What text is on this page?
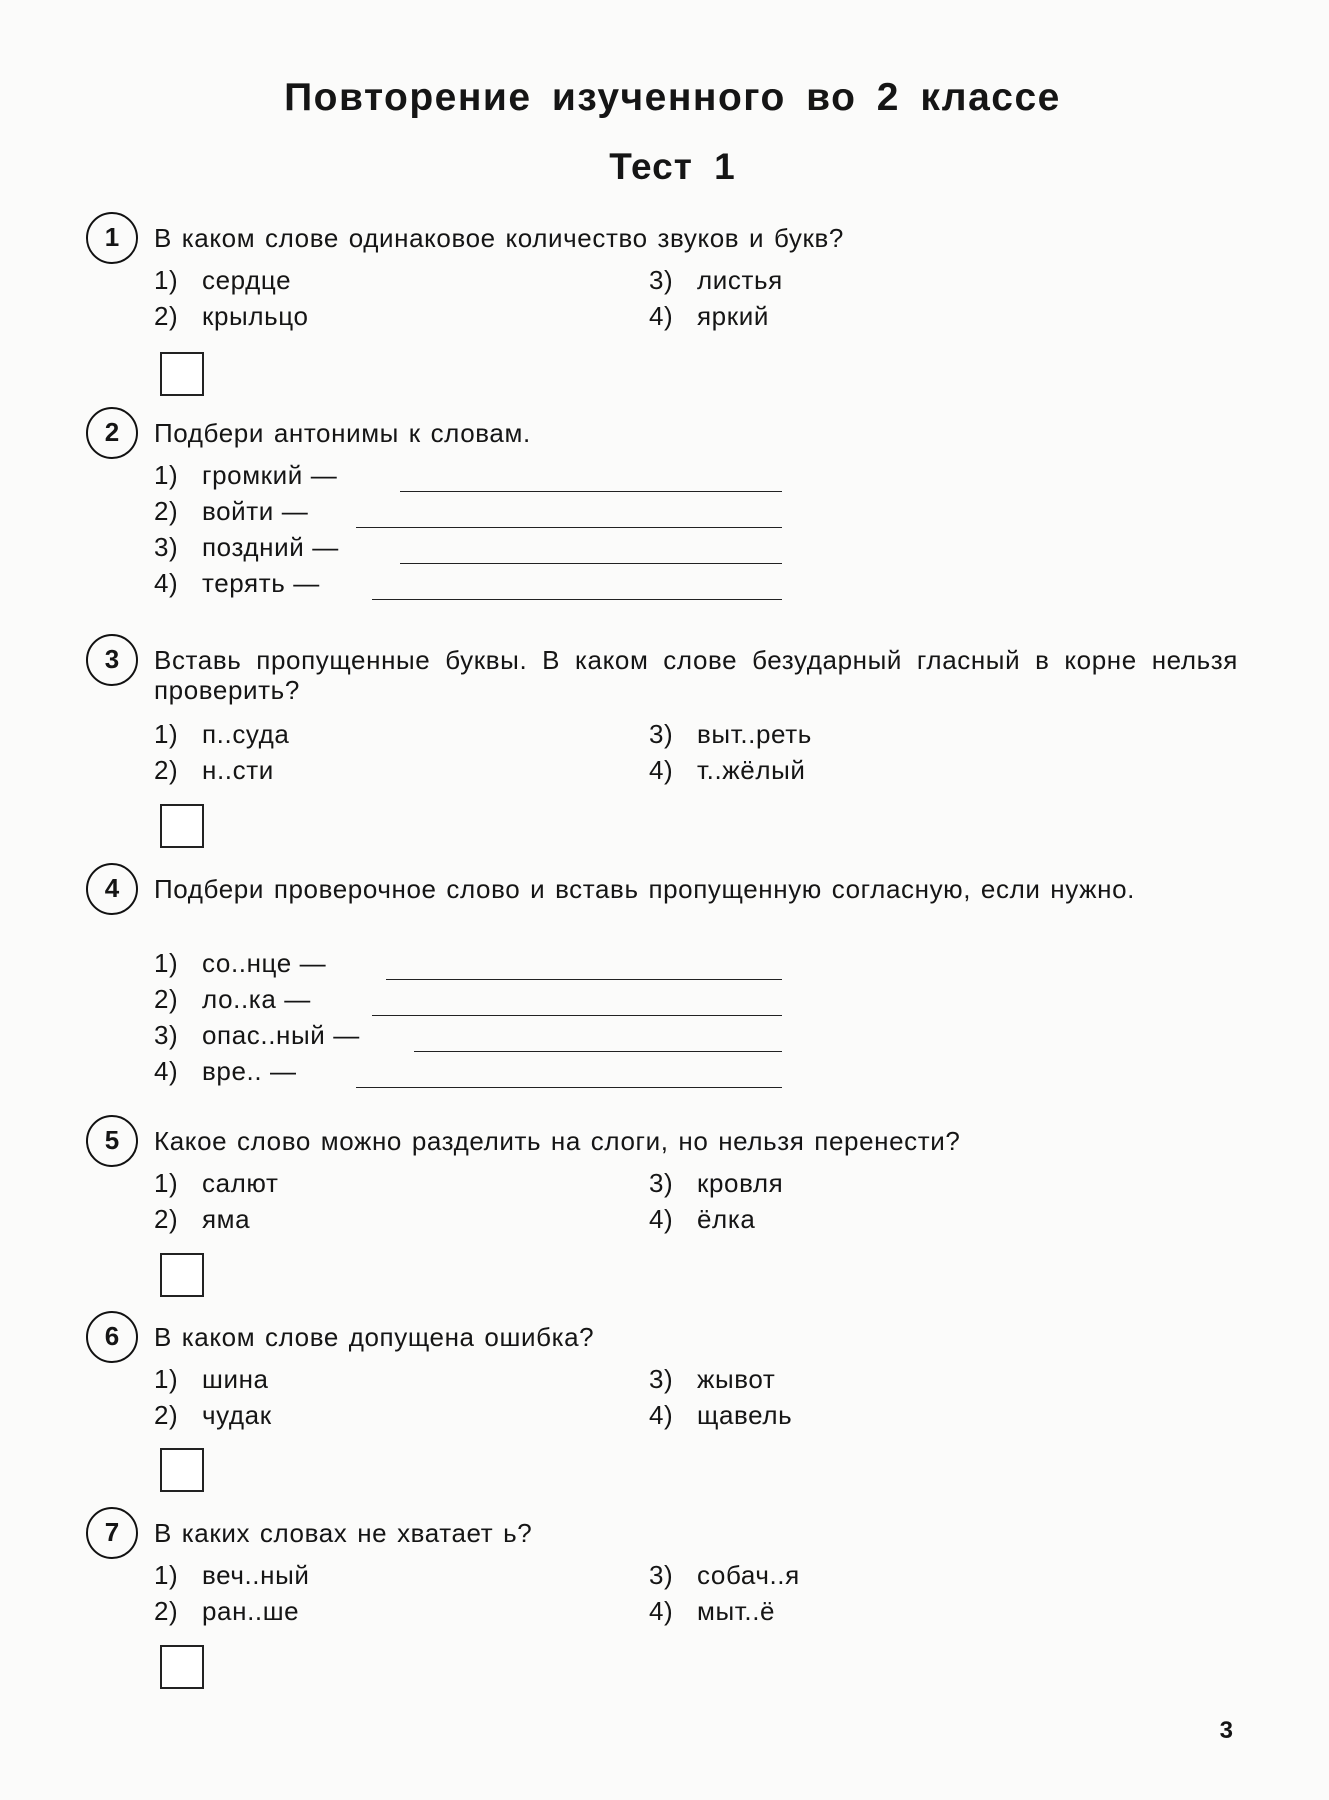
Повторение изученного во 2 классе
Тест 1
1	В каком слове одинаковое количество звуков и букв?
1) сердце	3) листья
2) крыльцо	4) яркий
2	Подбери антонимы к словам.
1) громкий —
2) войти —
3) поздний —
4) терять —
3	Вставь пропущенные буквы. В каком слове безударный гласный в корне нельзя проверить?
1) п..суда	3) выт..реть
2) н..сти	4) т..жёлый
4	Подбери проверочное слово и вставь пропущенную согласную, если нужно.
1) со..нце —
2) ло..ка —
3) опас..ный —
4) вре.. —
5	Какое слово можно разделить на слоги, но нельзя перенести?
1) салют	3) кровля
2) яма	4) ёлка
6	В каком слове допущена ошибка?
1) шина	3) жывот
2) чудак	4) щавель
7	В каких словах не хватает ь?
1) веч..ный	3) собач..я
2) ран..ше	4) мыт..ё
3
